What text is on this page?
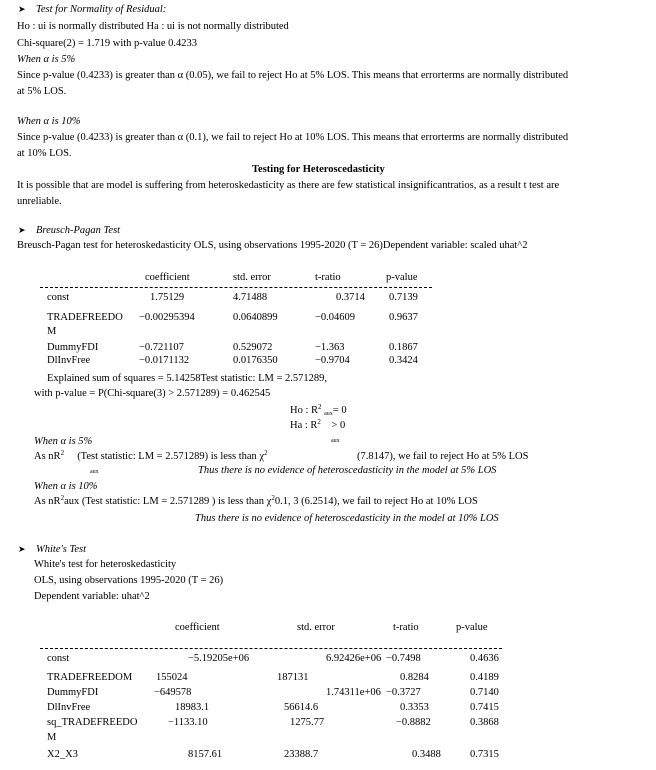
➤ Test for Normality of Residual:
Ho : ui is normally distributed Ha : ui is not normally distributed
Chi-square(2) = 1.719 with p-value 0.4233
When α is 5%
Since p-value (0.4233) is greater than α (0.05), we fail to reject Ho at 5% LOS. This means that errorterms are normally distributed
at 5% LOS.
When α is 10%
Since p-value (0.4233) is greater than α (0.1), we fail to reject Ho at 10% LOS. This means that errorterms are normally distributed
at 10% LOS.
Testing for Heteroscedasticity
It is possible that are model is suffering from heteroskedasticity as there are few statistical insignificantratios, as a result t test are
unreliable.
➤ Breusch-Pagan Test
Breusch-Pagan test for heteroskedasticity OLS, using observations 1995-2020 (T = 26)Dependent variable: scaled uhat^2
coefficient	std. error	t-ratio	p-value
const	1.75129	4.71488	0.3714 0.7139
TRADEFREEDO −0.00295394	0.0640899	−0.04609	0.9637
M
DummyFDI	−0.721107	0.529072	−1.363	0.1867
DlInvFree	−0.0171132	0.0176350	−0.9704	0.3424
Explained sum of squares = 5.14258Test statistic: LM = 2.571289,
with p-value = P(Chi-square(3) > 2.571289) = 0.462545
Ho : $R^2$ aux= 0
Ha : $R^2 > 0$
aux
When α is 5%
As $nR^2$ (Test statistic: LM = 2.571289) is less than $\chi^2$	(7.8147), we fail to reject Ho at 5% LOS
aux	Thus there is no evidence of heteroscedasticity in the model at 5% LOS
When α is 10%
As $nR^2aux$ (Test statistic: LM = 2.571289 ) is less than $\chi^20.1$, 3 (6.2514), we fail to reject Ho at 10% LOS
Thus there is no evidence of heteroscedasticity in the model at 10% LOS
➤ White's Test
White's test for heteroskedasticity
OLS, using observations 1995-2020 (T = 26)
Dependent variable: uhat^2
coefficient	std. error	t-ratio	p-value
const	−5.19205e+06	6.92426e+06 −0.7498	0.4636
TRADEFREEDOM 155024	187131	0.8284	0.4189
DummyFDI	−649578	1.74311e+06 −0.3727	0.7140
DlInvFree	18983.1	56614.6	0.3353	0.7415
sq_TRADEFREEDO	−1133.10	1275.77	−0.8882	0.3868
M
X2_X3	8157.61	23388.7	0.3488	0.7315
